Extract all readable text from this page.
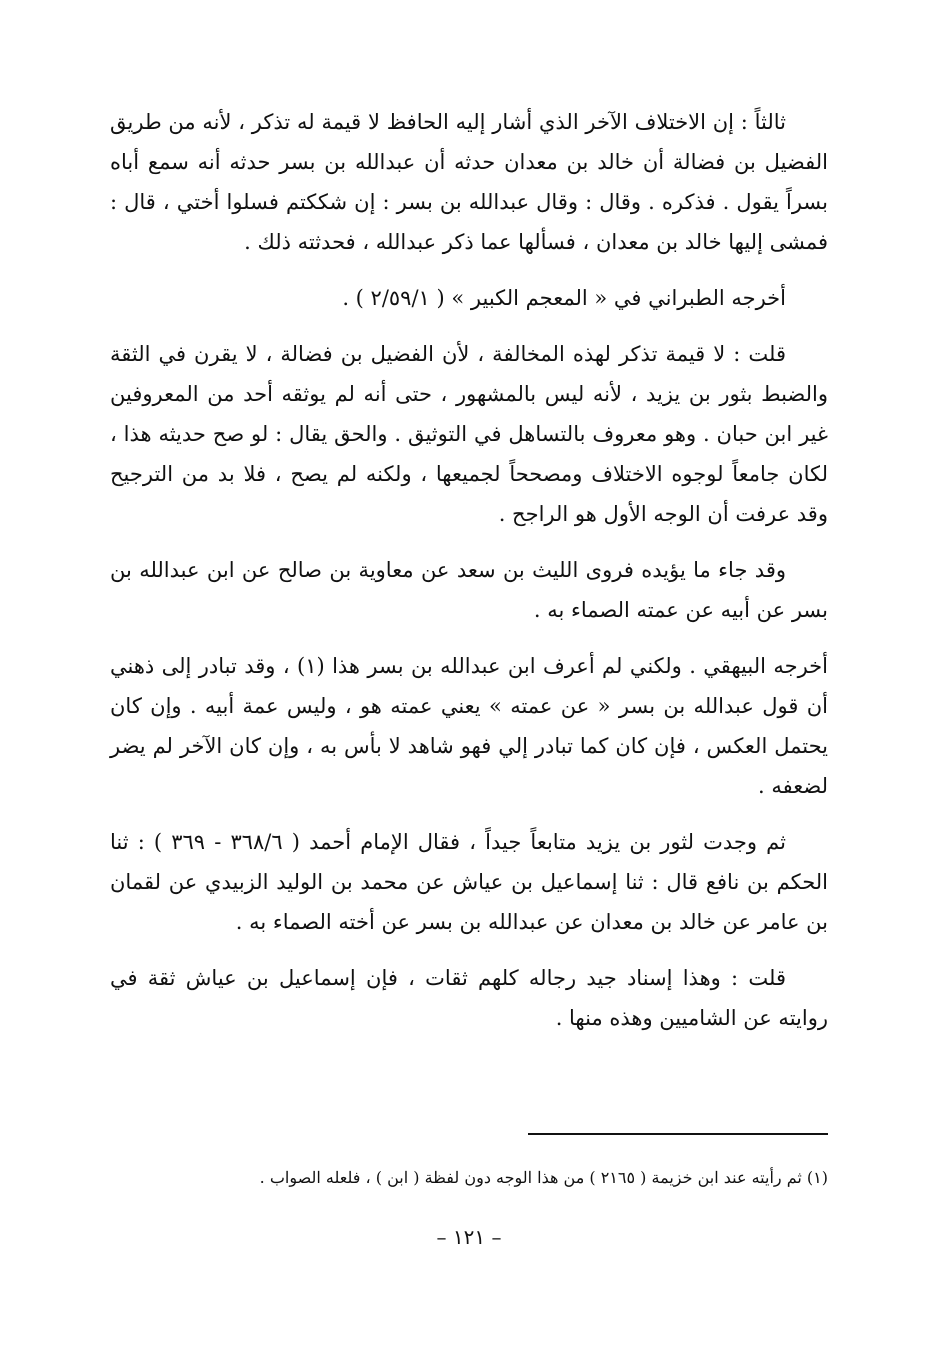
ثالثاً : إن الاختلاف الآخر الذي أشار إليه الحافظ لا قيمة له تذكر ، لأنه من طريق الفضيل بن فضالة أن خالد بن معدان حدثه أن عبدالله بن بسر حدثه أنه سمع أباه بسراً يقول . فذكره . وقال : وقال عبدالله بن بسر : إن شككتم فسلوا أختي ، قال : فمشى إليها خالد بن معدان ، فسألها عما ذكر عبدالله ، فحدثته ذلك .

أخرجه الطبراني في « المعجم الكبير » ( ٢/٥٩/١ ) .

قلت : لا قيمة تذكر لهذه المخالفة ، لأن الفضيل بن فضالة ، لا يقرن في الثقة والضبط بثور بن يزيد ، لأنه ليس بالمشهور ، حتى أنه لم يوثقه أحد من المعروفين غير ابن حبان . وهو معروف بالتساهل في التوثيق . والحق يقال : لو صح حديثه هذا ، لكان جامعاً لوجوه الاختلاف ومصححاً لجميعها ، ولكنه لم يصح ، فلا بد من الترجيح وقد عرفت أن الوجه الأول هو الراجح .

وقد جاء ما يؤيده فروى الليث بن سعد عن معاوية بن صالح عن ابن عبدالله بن بسر عن أبيه عن عمته الصماء به .

أخرجه البيهقي . ولكني لم أعرف ابن عبدالله بن بسر هذا (١) ، وقد تبادر إلى ذهني أن قول عبدالله بن بسر « عن عمته » يعني عمته هو ، وليس عمة أبيه . وإن كان يحتمل العكس ، فإن كان كما تبادر إلي فهو شاهد لا بأس به ، وإن كان الآخر لم يضر لضعفه .

ثم وجدت لثور بن يزيد متابعاً جيداً ، فقال الإمام أحمد ( ٣٦٨/٦ - ٣٦٩ ) : ثنا الحكم بن نافع قال : ثنا إسماعيل بن عياش عن محمد بن الوليد الزبيدي عن لقمان بن عامر عن خالد بن معدان عن عبدالله بن بسر عن أخته الصماء به .

قلت : وهذا إسناد جيد رجاله كلهم ثقات ، فإن إسماعيل بن عياش ثقة في روايته عن الشاميين وهذه منها .

(١) ثم رأيته عند ابن خزيمة ( ٢١٦٥ ) من هذا الوجه دون لفظة ( ابن ) ، فلعله الصواب .

– ١٢١ –
